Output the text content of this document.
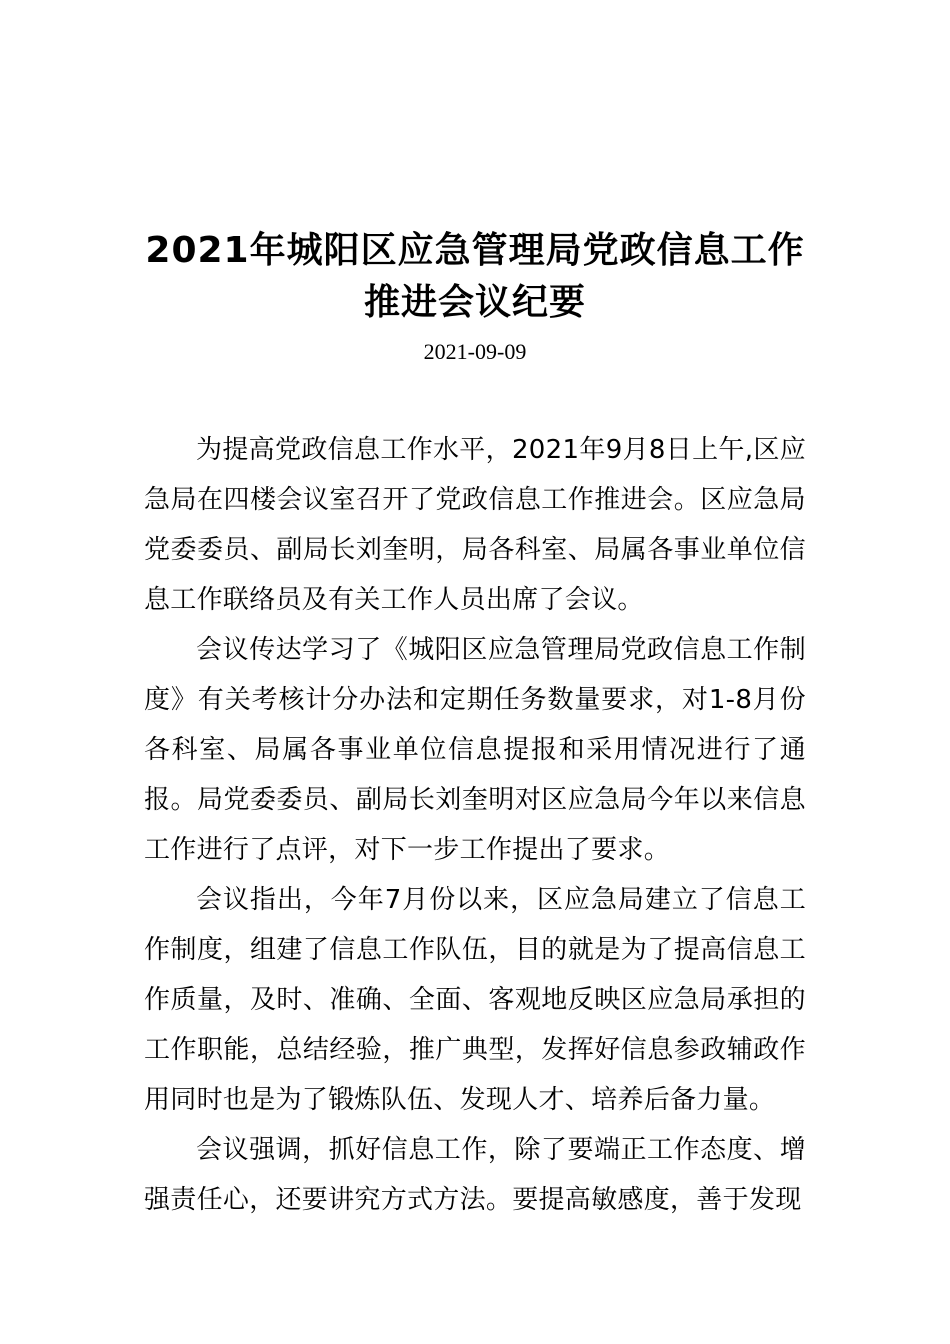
2021年城阳区应急管理局党政信息工作
推进会议纪要
2021-09-09

为提高党政信息工作水平，2021年9月8日上午,区应急局在四楼会议室召开了党政信息工作推进会。区应急局党委委员、副局长刘奎明，局各科室、局属各事业单位信息工作联络员及有关工作人员出席了会议。

会议传达学习了《城阳区应急管理局党政信息工作制度》有关考核计分办法和定期任务数量要求，对1-8月份各科室、局属各事业单位信息提报和采用情况进行了通报。局党委委员、副局长刘奎明对区应急局今年以来信息工作进行了点评，对下一步工作提出了要求。

会议指出，今年7月份以来，区应急局建立了信息工作制度，组建了信息工作队伍，目的就是为了提高信息工作质量，及时、准确、全面、客观地反映区应急局承担的工作职能，总结经验，推广典型，发挥好信息参政辅政作用同时也是为了锻炼队伍、发现人才、培养后备力量。

会议强调，抓好信息工作，除了要端正工作态度、增强责任心，还要讲究方式方法。要提高敏感度，善于发现
